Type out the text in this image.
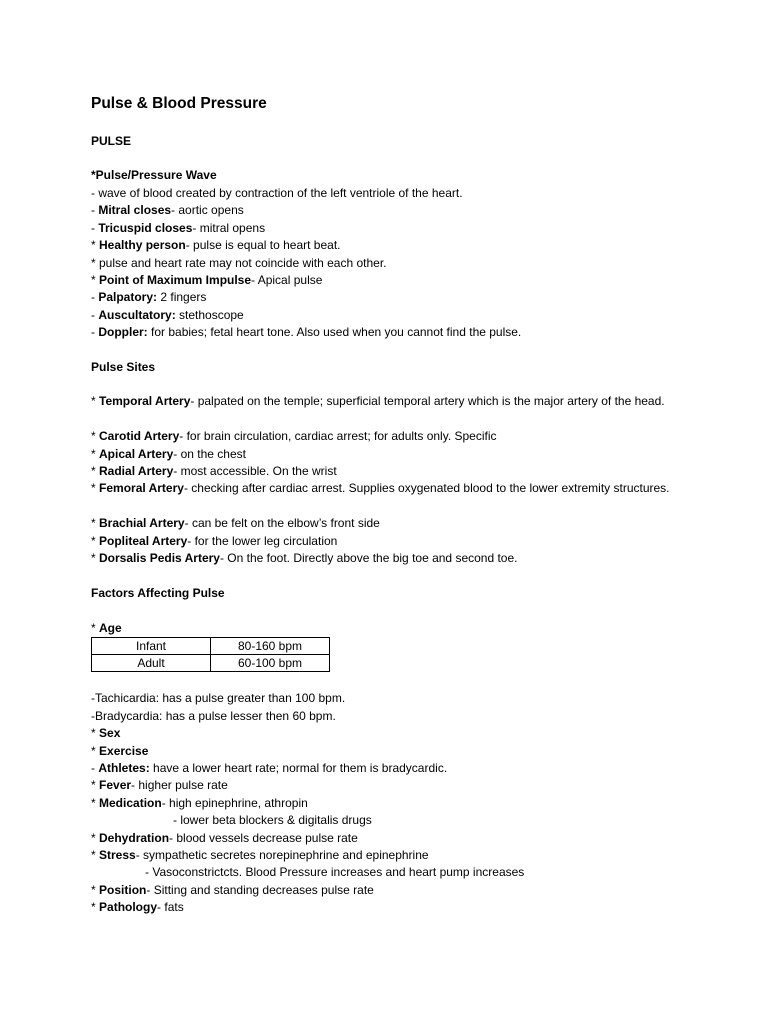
Pulse & Blood Pressure
PULSE
*Pulse/Pressure Wave
- wave of blood created by contraction of the left ventriole of the heart.
- Mitral closes- aortic opens
- Tricuspid closes- mitral opens
* Healthy person- pulse is equal to heart beat.
* pulse and heart rate may not coincide with each other.
* Point of Maximum Impulse- Apical pulse
- Palpatory: 2 fingers
- Auscultatory: stethoscope
- Doppler: for babies; fetal heart tone. Also used when you cannot find the pulse.
Pulse Sites
* Temporal Artery- palpated on the temple; superficial temporal artery which is the major artery of the head.
* Carotid Artery- for brain circulation, cardiac arrest; for adults only. Specific
* Apical Artery- on the chest
* Radial Artery- most accessible. On the wrist
* Femoral Artery- checking after cardiac arrest. Supplies oxygenated blood to the lower extremity structures.
* Brachial Artery- can be felt on the elbow’s front side
* Popliteal Artery- for the lower leg circulation
* Dorsalis Pedis Artery- On the foot. Directly above the big toe and second toe.
Factors Affecting Pulse
* Age
Infant	80-160 bpm
Adult	60-100 bpm
-Tachicardia: has a pulse greater than 100 bpm.
-Bradycardia: has a pulse lesser then 60 bpm.
* Sex
* Exercise
- Athletes: have a lower heart rate; normal for them is bradycardic.
* Fever- higher pulse rate
* Medication- high epinephrine, athropin
- lower beta blockers & digitalis drugs
* Dehydration- blood vessels decrease pulse rate
* Stress- sympathetic secretes norepinephrine and epinephrine
- Vasoconstrictcts. Blood Pressure increases and heart pump increases
* Position- Sitting and standing decreases pulse rate
* Pathology- fats
